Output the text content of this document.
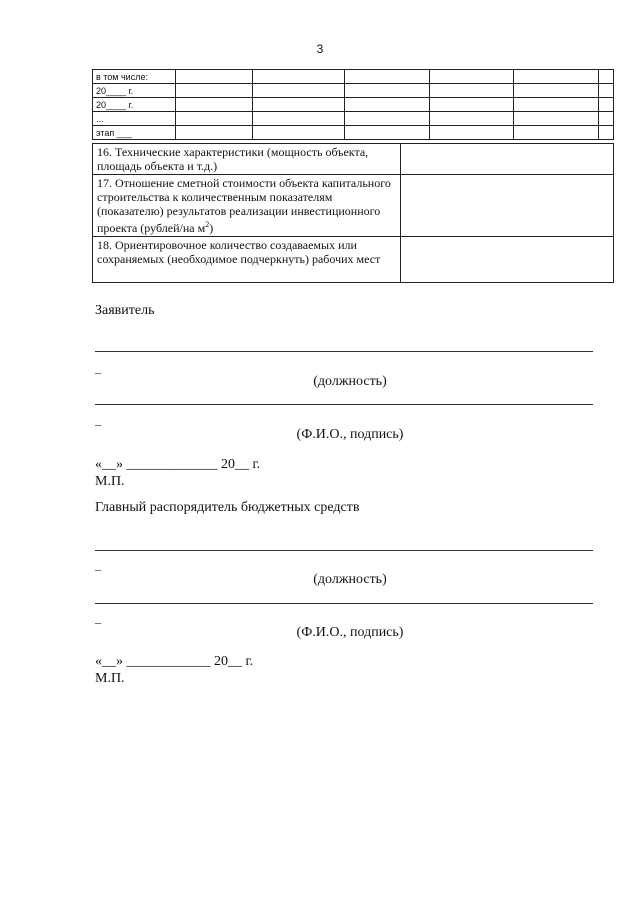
3
в том числе:						
20____ г.						
20____ г.						
...						
этап ___						
16. Технические характеристики (мощность объекта, площадь объекта и т.д.)	
17. Отношение сметной стоимости объекта капитального строительства к количественным показателям (показателю) результатов реализации инвестиционного проекта (рублей/на $м^2$)	
18. Ориентировочное количество создаваемых или сохраняемых (необходимое подчеркнуть) рабочих мест	
Заявитель
_
(должность)
_
(Ф.И.О., подпись)
«__» _____________ 20__ г.
М.П.
Главный распорядитель бюджетных средств
_
(должность)
_
(Ф.И.О., подпись)
«__» ____________ 20__ г.
М.П.
